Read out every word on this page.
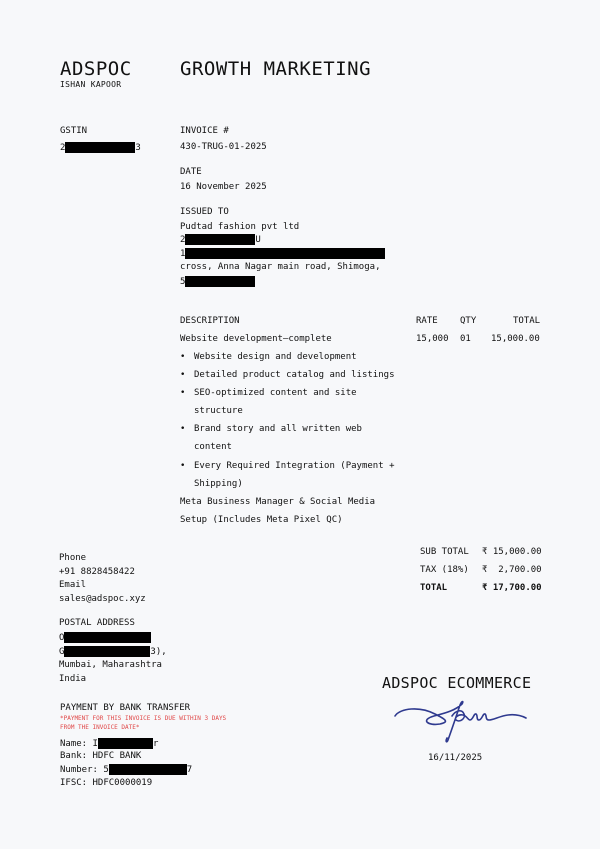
ADSPOC
ISHAN KAPOOR
GROWTH MARKETING
GSTIN
2	3
INVOICE #
430-TRUG-01-2025
DATE
16 November 2025
ISSUED TO
Pudtad fashion pvt ltd
2	U
1
cross, Anna Nagar main road, Shimoga,
5
DESCRIPTION	RATE QTY	TOTAL
Website development—complete	15,000 01 15,000.00
• Website design and development
• Detailed product catalog and listings
• SEO-optimized content and site
structure
• Brand story and all written web
content
• Every Required Integration (Payment +
Shipping)
Meta Business Manager & Social Media
Setup (Includes Meta Pixel QC)
SUB TOTAL ₹ 15,000.00
TAX (18%) ₹  2,700.00
TOTAL	₹ 17,700.00
Phone
+91 8828458422
Email
sales@adspoc.xyz
POSTAL ADDRESS
O
G	3),
Mumbai, Maharashtra
India
PAYMENT BY BANK TRANSFER
*PAYMENT FOR THIS INVOICE IS DUE WITHIN 3 DAYS
FROM THE INVOICE DATE*
Name: I	r
Bank: HDFC BANK
Number: 5	7
IFSC: HDFC0000019
ADSPOC ECOMMERCE
16/11/2025
